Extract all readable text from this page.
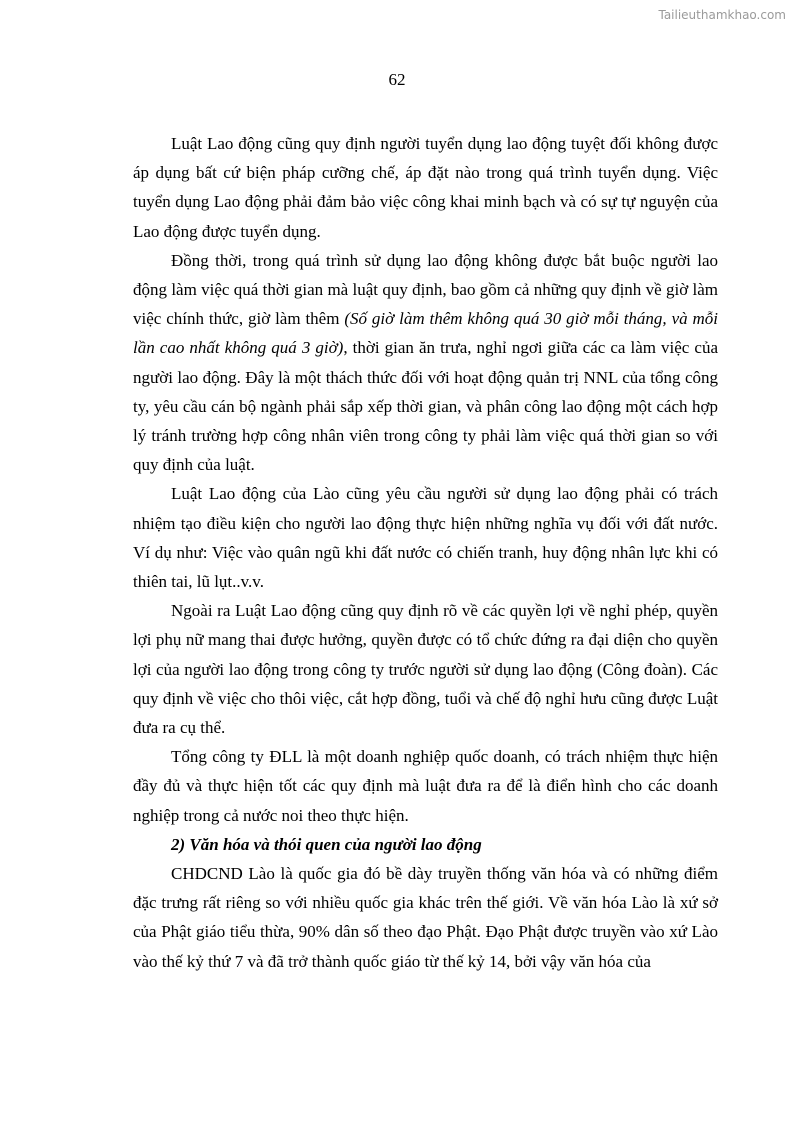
Tailieuthamkhao.com
62

Luật Lao động cũng quy định người tuyển dụng lao động tuyệt đối không được áp dụng bất cứ biện pháp cưỡng chế, áp đặt nào trong quá trình tuyển dụng. Việc tuyển dụng Lao động phải đảm bảo việc công khai minh bạch và có sự tự nguyện của Lao động được tuyển dụng.

Đồng thời, trong quá trình sử dụng lao động không được bắt buộc người lao động làm việc quá thời gian mà luật quy định, bao gồm cả những quy định về giờ làm việc chính thức, giờ làm thêm (Số giờ làm thêm không quá 30 giờ mỗi tháng, và mỗi lần cao nhất không quá 3 giờ), thời gian ăn trưa, nghỉ ngơi giữa các ca làm việc của người lao động. Đây là một thách thức đối với hoạt động quản trị NNL của tổng công ty, yêu cầu cán bộ ngành phải sắp xếp thời gian, và phân công lao động một cách hợp lý tránh trường hợp công nhân viên trong công ty phải làm việc quá thời gian so với quy định của luật.

Luật Lao động của Lào cũng yêu cầu người sử dụng lao động phải có trách nhiệm tạo điều kiện cho người lao động thực hiện những nghĩa vụ đối với đất nước. Ví dụ như: Việc vào quân ngũ khi đất nước có chiến tranh, huy động nhân lực khi có thiên tai, lũ lụt..v.v.

Ngoài ra Luật Lao động cũng quy định rõ về các quyền lợi về nghỉ phép, quyền lợi phụ nữ mang thai được hưởng, quyền được có tổ chức đứng ra đại diện cho quyền lợi của người lao động trong công ty trước người sử dụng lao động (Công đoàn). Các quy định về việc cho thôi việc, cắt hợp đồng, tuổi và chế độ nghỉ hưu cũng được Luật đưa ra cụ thể.

Tổng công ty ĐLL là một doanh nghiệp quốc doanh, có trách nhiệm thực hiện đầy đủ và thực hiện tốt các quy định mà luật đưa ra để là điển hình cho các doanh nghiệp trong cả nước noi theo thực hiện.

2) Văn hóa và thói quen của người lao động

CHDCND Lào là quốc gia đó bề dày truyền thống văn hóa và có những điểm đặc trưng rất riêng so với nhiều quốc gia khác trên thế giới. Về văn hóa Lào là xứ sở của Phật giáo tiểu thừa, 90% dân số theo đạo Phật. Đạo Phật được truyền vào xứ Lào vào thế kỷ thứ 7 và đã trở thành quốc giáo từ thế kỷ 14, bởi vậy văn hóa của
